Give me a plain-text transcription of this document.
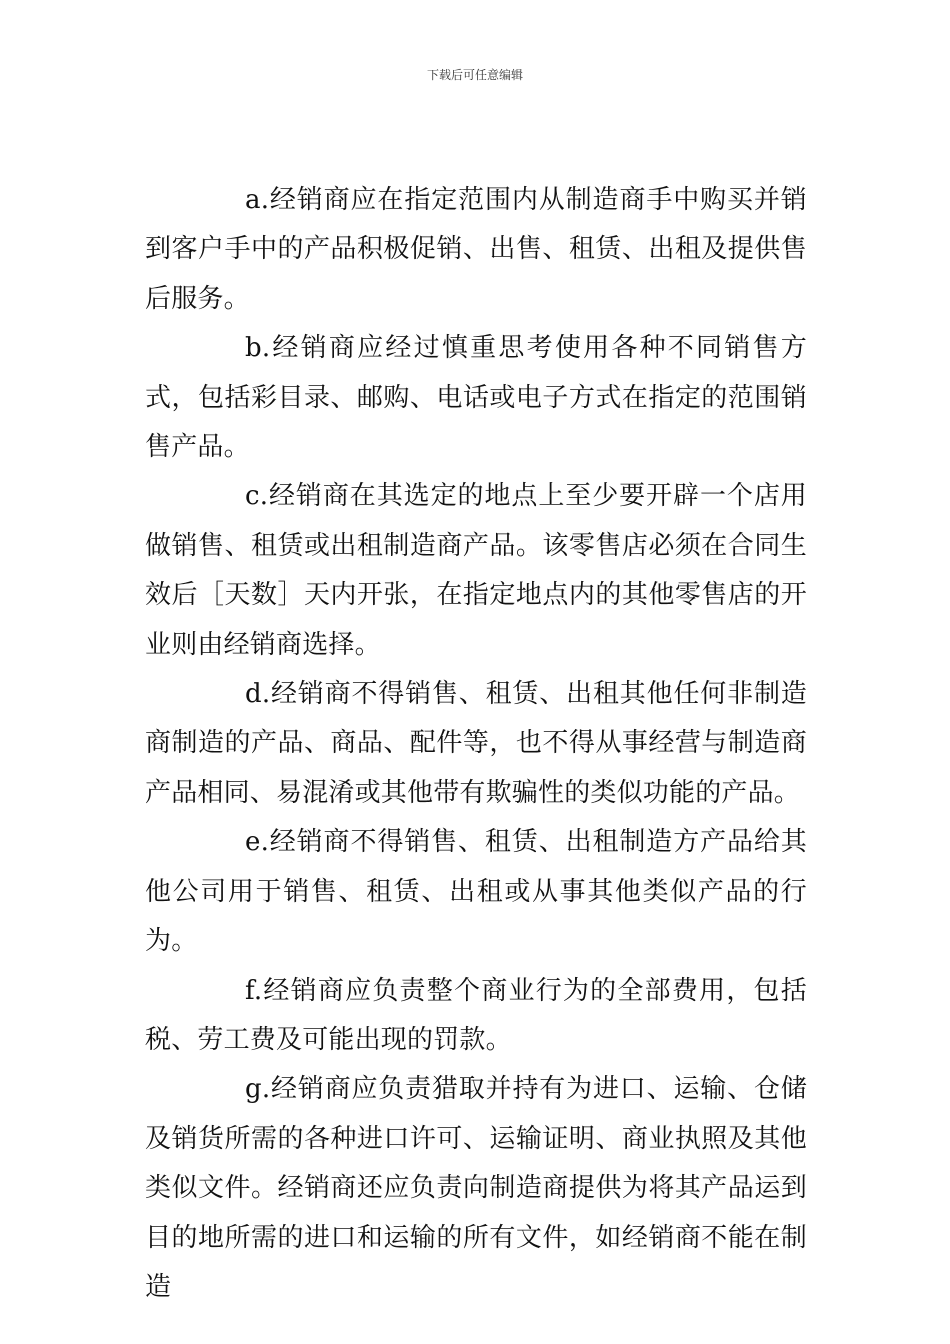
下载后可任意编辑

a.经销商应在指定范围内从制造商手中购买并销到客户手中的产品积极促销、出售、租赁、出租及提供售后服务。

b.经销商应经过慎重思考使用各种不同销售方式，包括彩目录、邮购、电话或电子方式在指定的范围销售产品。

c.经销商在其选定的地点上至少要开辟一个店用做销售、租赁或出租制造商产品。该零售店必须在合同生效后［天数］天内开张，在指定地点内的其他零售店的开业则由经销商选择。

d.经销商不得销售、租赁、出租其他任何非制造商制造的产品、商品、配件等，也不得从事经营与制造商产品相同、易混淆或其他带有欺骗性的类似功能的产品。

e.经销商不得销售、租赁、出租制造方产品给其他公司用于销售、租赁、出租或从事其他类似产品的行为。

f.经销商应负责整个商业行为的全部费用，包括税、劳工费及可能出现的罚款。

g.经销商应负责猎取并持有为进口、运输、仓储及销货所需的各种进口许可、运输证明、商业执照及其他类似文件。经销商还应负责向制造商提供为将其产品运到目的地所需的进口和运输的所有文件，如经销商不能在制造
